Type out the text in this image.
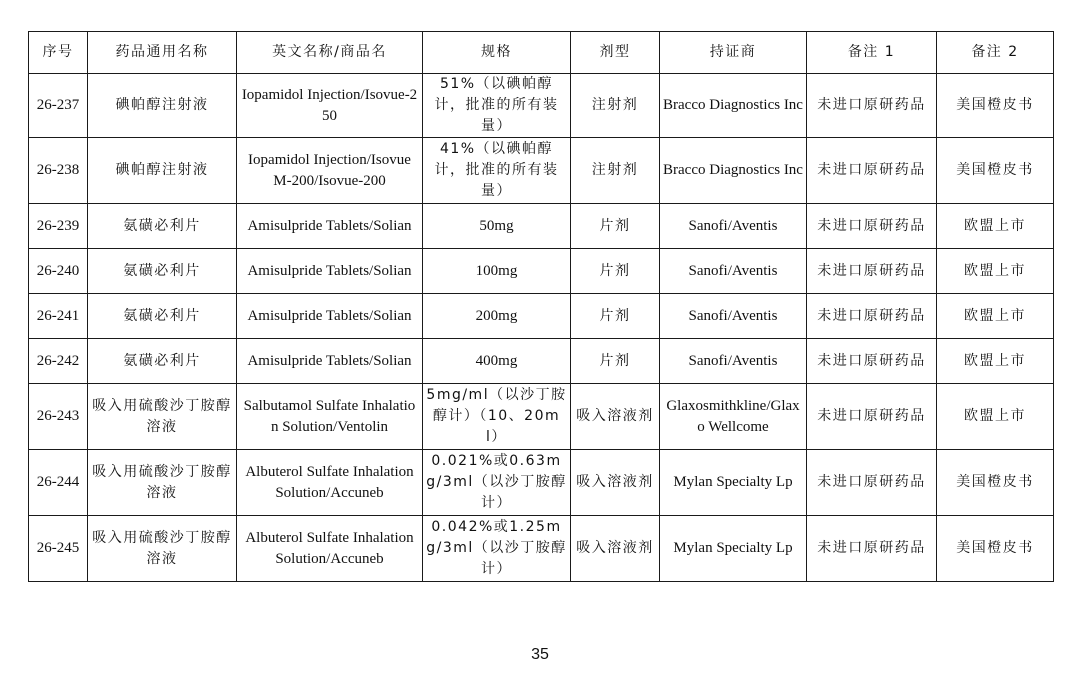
序号	药品通用名称	英文名称/商品名	规格	剂型	持证商	备注 1	备注 2
26-237	碘帕醇注射液	Iopamidol Injection/Isovue-250	51%（以碘帕醇计，批准的所有装量）	注射剂	Bracco Diagnostics Inc	未进口原研药品	美国橙皮书
26-238	碘帕醇注射液	Iopamidol Injection/Isovue M-200/Isovue-200	41%（以碘帕醇计，批准的所有装量）	注射剂	Bracco Diagnostics Inc	未进口原研药品	美国橙皮书
26-239	氨磺必利片	Amisulpride Tablets/Solian	50mg	片剂	Sanofi/Aventis	未进口原研药品	欧盟上市
26-240	氨磺必利片	Amisulpride Tablets/Solian	100mg	片剂	Sanofi/Aventis	未进口原研药品	欧盟上市
26-241	氨磺必利片	Amisulpride Tablets/Solian	200mg	片剂	Sanofi/Aventis	未进口原研药品	欧盟上市
26-242	氨磺必利片	Amisulpride Tablets/Solian	400mg	片剂	Sanofi/Aventis	未进口原研药品	欧盟上市
26-243	吸入用硫酸沙丁胺醇溶液	Salbutamol Sulfate Inhalation Solution/Ventolin	5mg/ml（以沙丁胺醇计）（10、20ml）	吸入溶液剂	Glaxosmithkline/Glaxo Wellcome	未进口原研药品	欧盟上市
26-244	吸入用硫酸沙丁胺醇溶液	Albuterol Sulfate Inhalation Solution/Accuneb	0.021%或0.63mg/3ml（以沙丁胺醇计）	吸入溶液剂	Mylan Specialty Lp	未进口原研药品	美国橙皮书
26-245	吸入用硫酸沙丁胺醇溶液	Albuterol Sulfate Inhalation Solution/Accuneb	0.042%或1.25mg/3ml（以沙丁胺醇计）	吸入溶液剂	Mylan Specialty Lp	未进口原研药品	美国橙皮书
35
